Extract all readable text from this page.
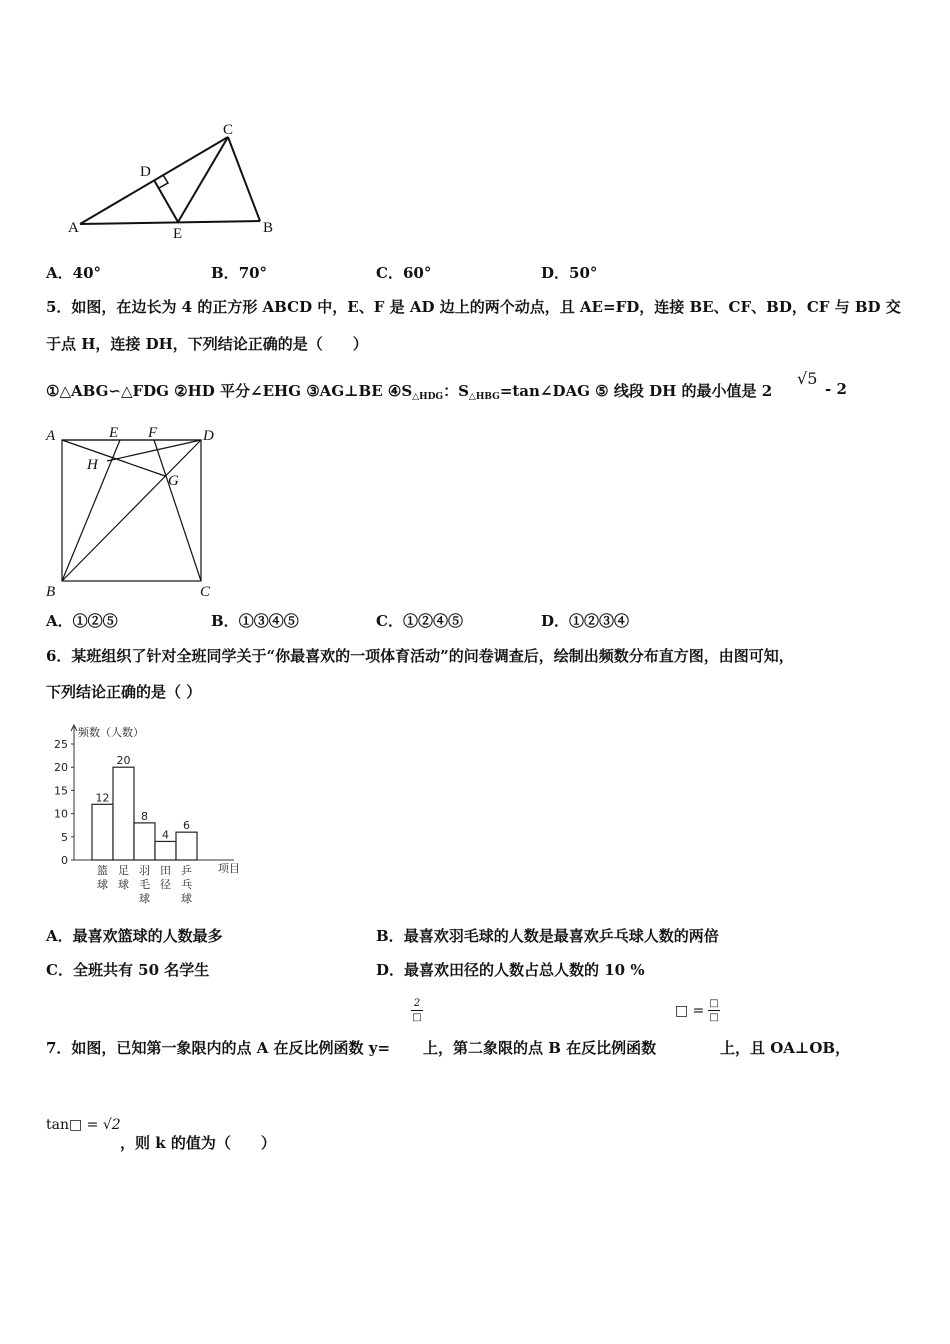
A	B
C
D
E
A．40°	B．70°	C．60°	D．50°
5．如图，在边长为 4 的正方形 ABCD 中，E、F 是 AD 边上的两个动点，且 AE=FD，连接 BE、CF、BD，CF 与 BD 交
于点 H，连接 DH，下列结论正确的是（　　）
①△ABG∽△FDG ②HD 平分∠EHG ③AG⊥BE $④S_{\triangle HDG}$：$S_{\triangle HBG}=\tan\angle DAG$ ⑤ 线段 DH 的最小值是 2
√5
- 2
A	E F	D
H
G
B	C
A．①②⑤	B．①③④⑤	C．①②④⑤	D．①②③④
6．某班组织了针对全班同学关于“你最喜欢的一项体育活动”的问卷调查后，绘制出频数分布直方图，由图可知，
下列结论正确的是（ ）
频数（人数）
项目
0
5
10
15
20
25
12
篮
球
20
足
球
8
羽
毛
球
4
田
径
6
乒
乓
球
A．最喜欢篮球的人数最多	B．最喜欢羽毛球的人数是最喜欢乒乓球人数的两倍
C．全班共有 50 名学生	D．最喜欢田径的人数占总人数的 10 %
2
□	□ = □
□
7．如图，已知第一象限内的点 A 在反比例函数 y= 上，第二象限的点 B 在反比例函数	上，且 OA⊥OB，
tan□ = √2
，则 k 的值为（　　）
